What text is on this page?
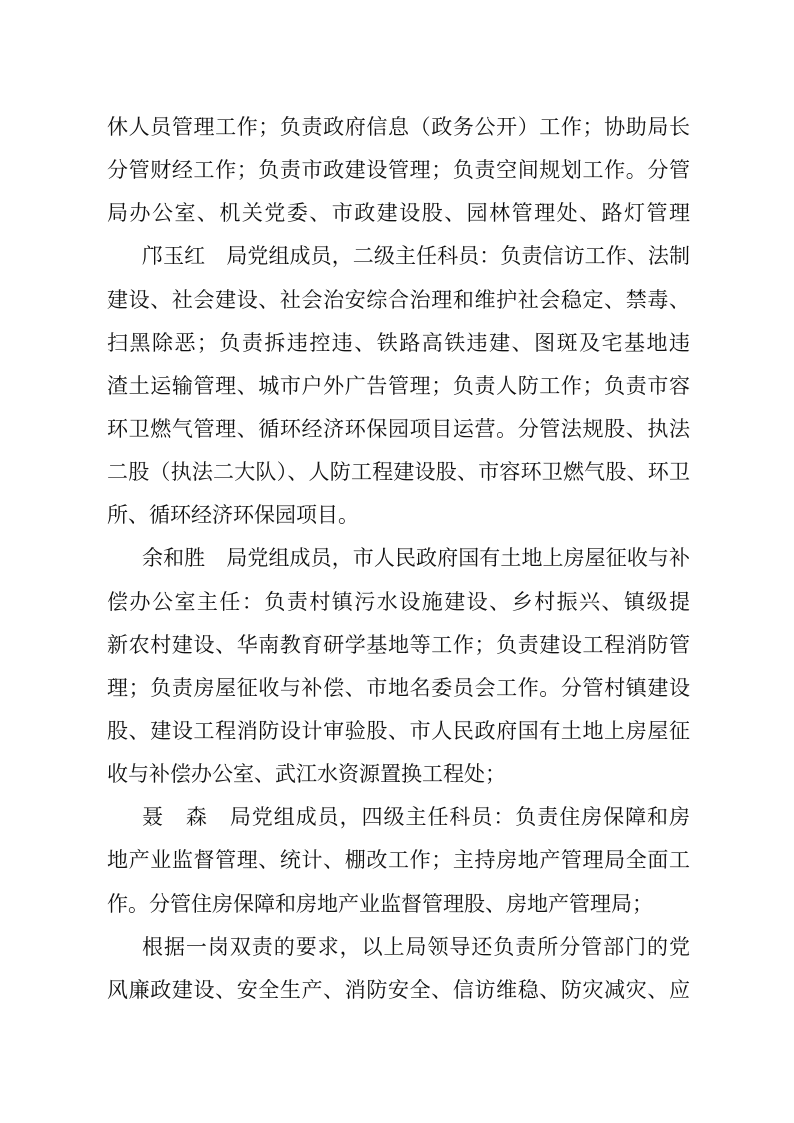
休人员管理工作；负责政府信息（政务公开）工作；协助局长
分管财经工作；负责市政建设管理；负责空间规划工作。分管
局办公室、机关党委、市政建设股、园林管理处、路灯管理
邝玉红　局党组成员，二级主任科员：负责信访工作、法制
建设、社会建设、社会治安综合治理和维护社会稳定、禁毒、
扫黑除恶；负责拆违控违、铁路高铁违建、图斑及宅基地违
渣土运输管理、城市户外广告管理；负责人防工作；负责市容
环卫燃气管理、循环经济环保园项目运营。分管法规股、执法
二股（执法二大队）、人防工程建设股、市容环卫燃气股、环卫
所、循环经济环保园项目。
余和胜　局党组成员，市人民政府国有土地上房屋征收与补
偿办公室主任：负责村镇污水设施建设、乡村振兴、镇级提
新农村建设、华南教育研学基地等工作；负责建设工程消防管
理；负责房屋征收与补偿、市地名委员会工作。分管村镇建设
股、建设工程消防设计审验股、市人民政府国有土地上房屋征
收与补偿办公室、武江水资源置换工程处；
聂　森　局党组成员，四级主任科员：负责住房保障和房
地产业监督管理、统计、棚改工作；主持房地产管理局全面工
作。分管住房保障和房地产业监督管理股、房地产管理局；
根据一岗双责的要求，以上局领导还负责所分管部门的党
风廉政建设、安全生产、消防安全、信访维稳、防灾减灾、应
